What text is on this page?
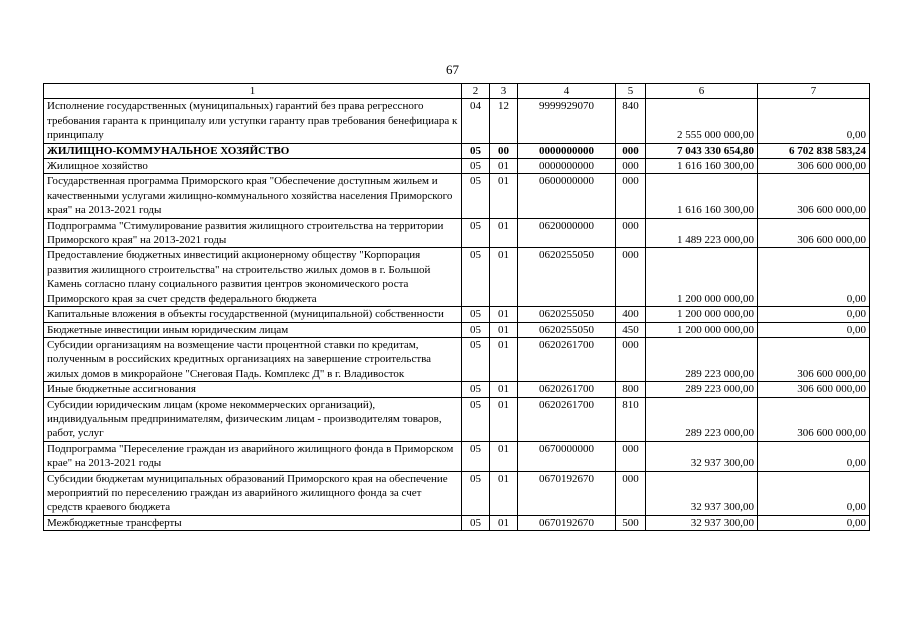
67
1	2	3	4	5	6	7
Исполнение государственных (муниципальных) гарантий без права регрессного требования гаранта к принципалу или уступки гаранту прав требования бенефициара к принципалу	04	12	9999929070	840	2 555 000 000,00	0,00
ЖИЛИЩНО-КОММУНАЛЬНОЕ ХОЗЯЙСТВО	05	00	0000000000	000	7 043 330 654,80	6 702 838 583,24
Жилищное хозяйство	05	01	0000000000	000	1 616 160 300,00	306 600 000,00
Государственная программа Приморского края "Обеспечение доступным жильем и качественными услугами жилищно-коммунального хозяйства населения Приморского края" на 2013-2021 годы	05	01	0600000000	000	1 616 160 300,00	306 600 000,00
Подпрограмма "Стимулирование развития жилищного строительства на территории Приморского края" на 2013-2021 годы	05	01	0620000000	000	1 489 223 000,00	306 600 000,00
Предоставление бюджетных инвестиций акционерному обществу "Корпорация развития жилищного строительства" на строительство жилых домов в г. Большой Камень согласно плану социального развития центров экономического роста Приморского края за счет средств федерального бюджета	05	01	0620255050	000	1 200 000 000,00	0,00
Капитальные вложения в объекты государственной (муниципальной) собственности	05	01	0620255050	400	1 200 000 000,00	0,00
Бюджетные инвестиции иным юридическим лицам	05	01	0620255050	450	1 200 000 000,00	0,00
Субсидии организациям на возмещение части процентной ставки по кредитам, полученным в российских кредитных организациях на завершение строительства жилых домов в микрорайоне "Снеговая Падь. Комплекс Д" в г. Владивосток	05	01	0620261700	000	289 223 000,00	306 600 000,00
Иные бюджетные ассигнования	05	01	0620261700	800	289 223 000,00	306 600 000,00
Субсидии юридическим лицам (кроме некоммерческих организаций), индивидуальным предпринимателям, физическим лицам - производителям товаров, работ, услуг	05	01	0620261700	810	289 223 000,00	306 600 000,00
Подпрограмма "Переселение граждан из аварийного жилищного фонда в Приморском крае" на 2013-2021 годы	05	01	0670000000	000	32 937 300,00	0,00
Субсидии бюджетам муниципальных образований Приморского края на обеспечение мероприятий по переселению граждан из аварийного жилищного фонда за счет средств краевого бюджета	05	01	0670192670	000	32 937 300,00	0,00
Межбюджетные трансферты	05	01	0670192670	500	32 937 300,00	0,00
